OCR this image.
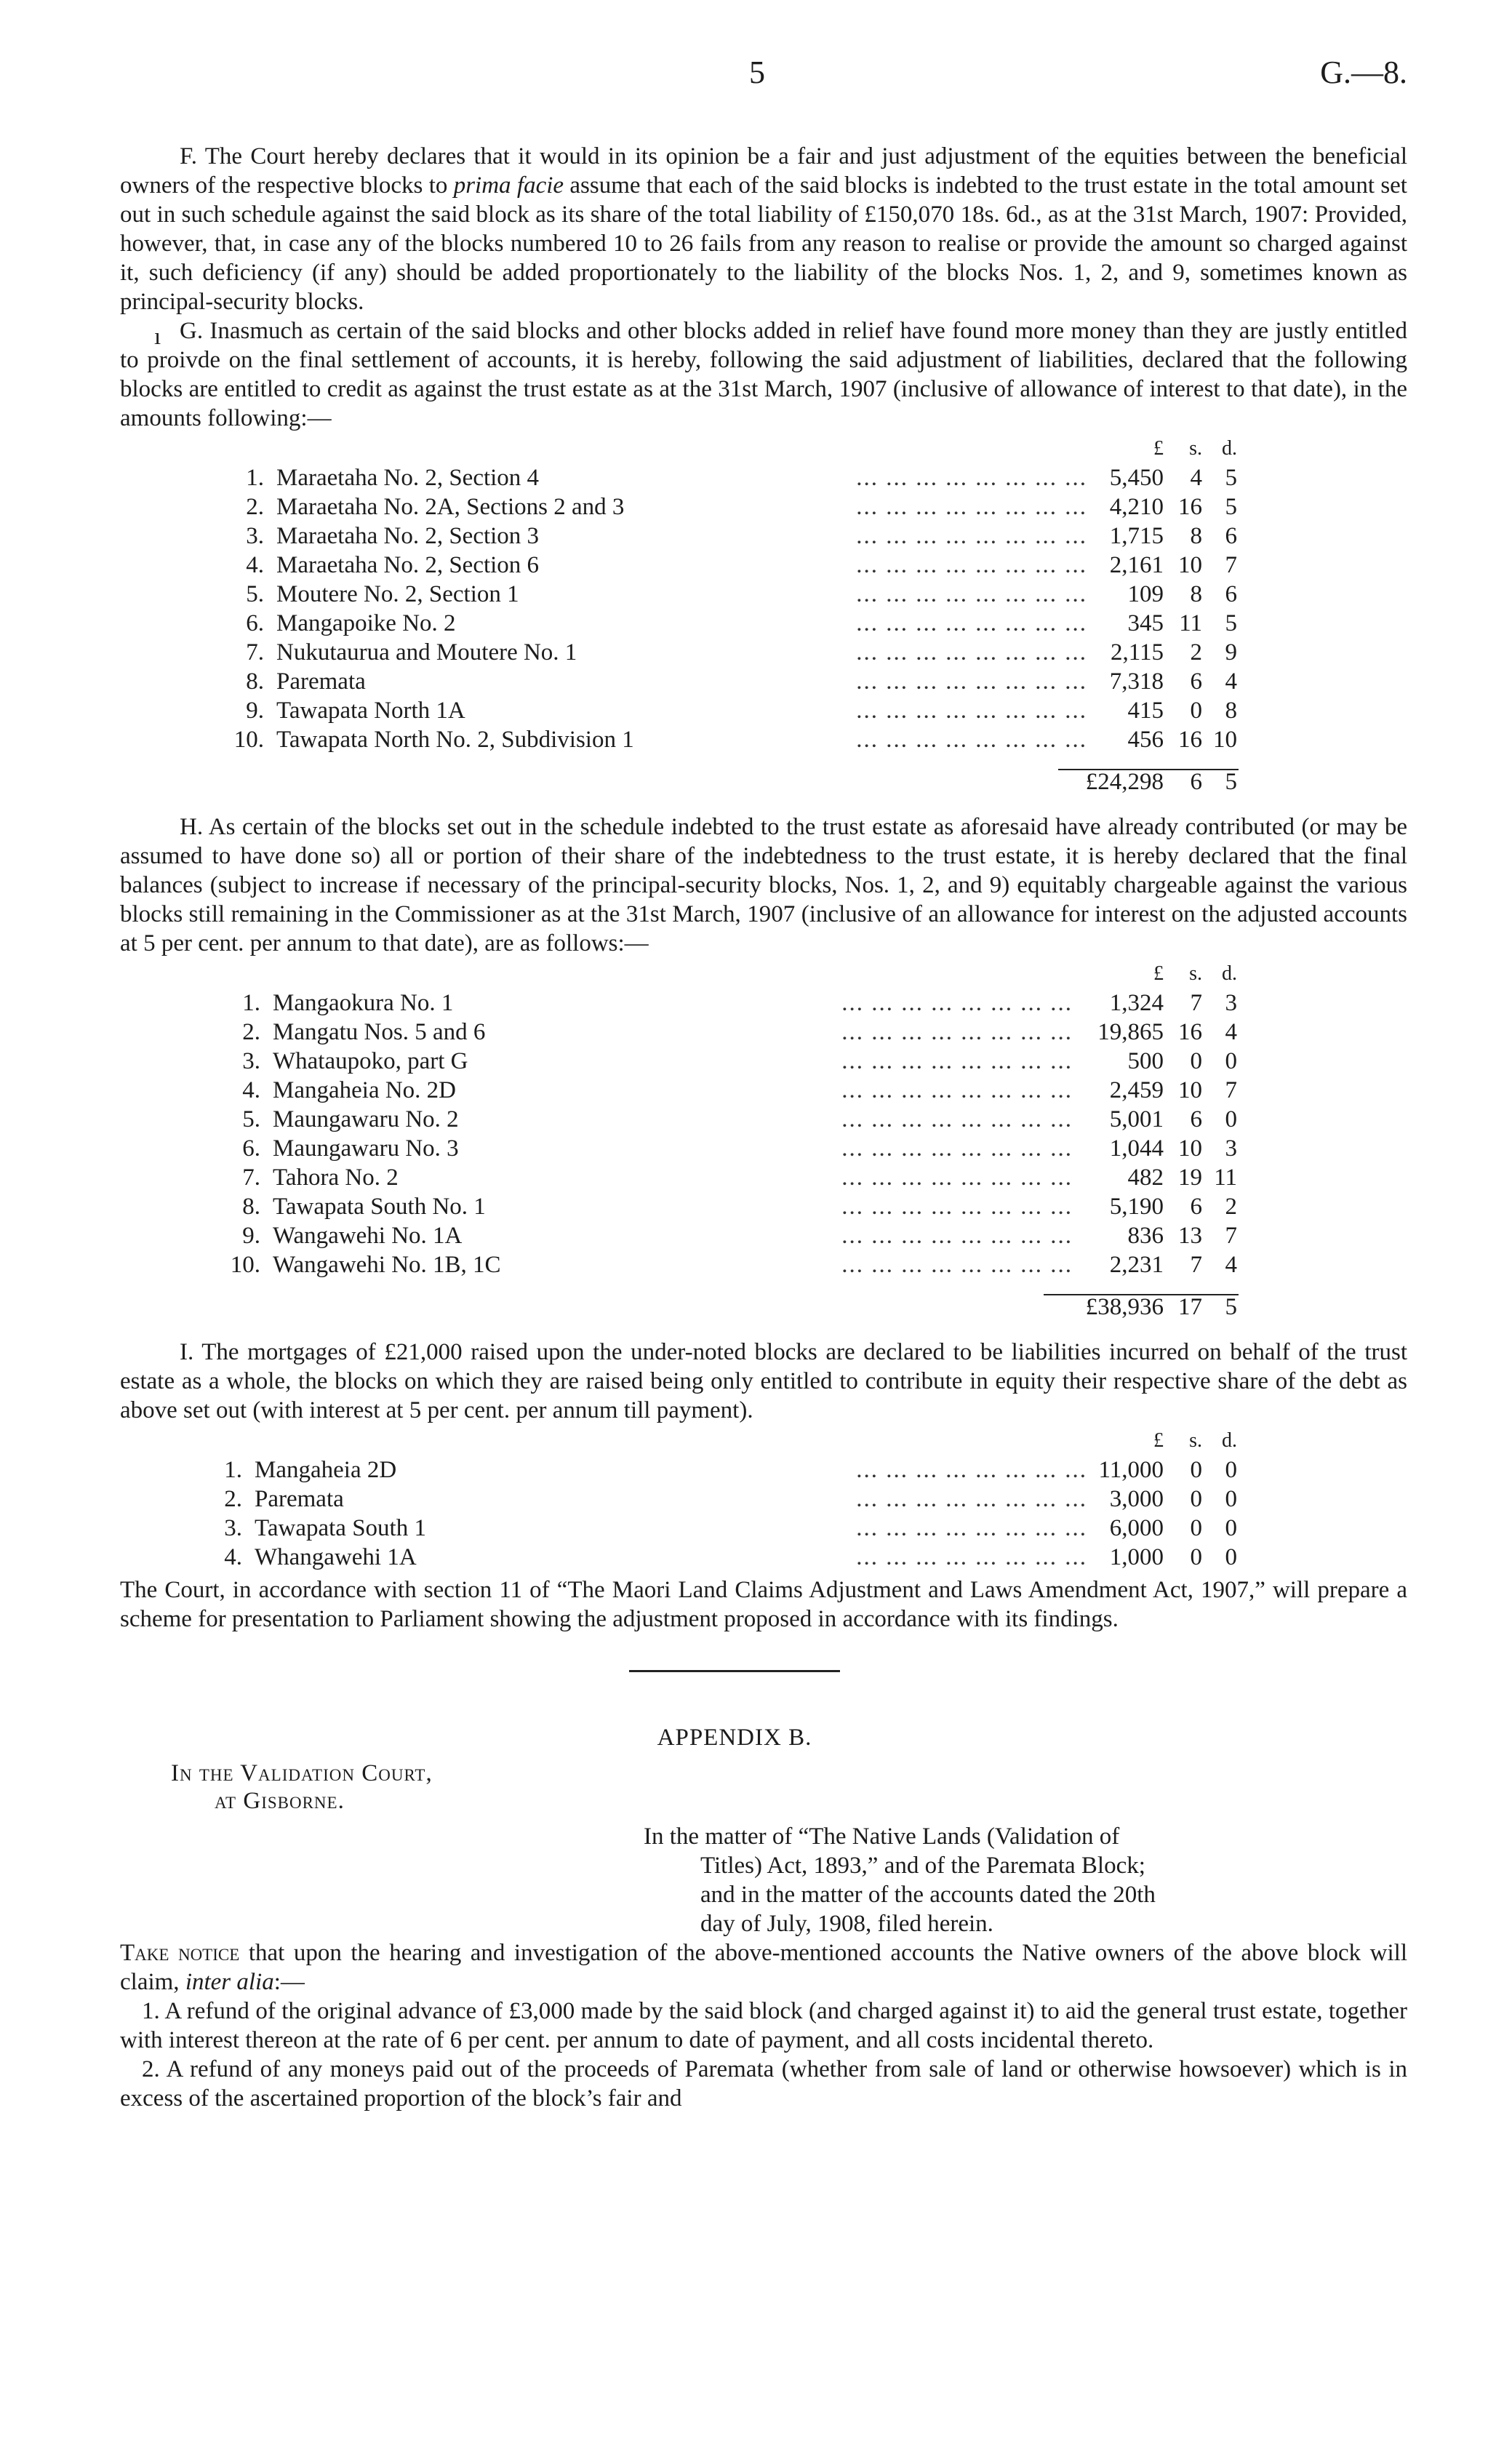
5	G.—8.

ı
F. The Court hereby declares that it would in its opinion be a fair and just adjustment of the equities between the beneficial owners of the respective blocks to prima facie assume that each of the said blocks is indebted to the trust estate in the total amount set out in such schedule against the said block as its share of the total liability of £150,070 18s. 6d., as at the 31st March, 1907: Provided, however, that, in case any of the blocks numbered 10 to 26 fails from any reason to realise or provide the amount so charged against it, such deficiency (if any) should be added proportionately to the liability of the blocks Nos. 1, 2, and 9, sometimes known as principal-security blocks.

G. Inasmuch as certain of the said blocks and other blocks added in relief have found more money than they are justly entitled to proivde on the final settlement of accounts, it is hereby, following the said adjustment of liabilities, declared that the following blocks are entitled to credit as against the trust estate as at the 31st March, 1907 (inclusive of allowance of interest to that date), in the amounts following:—

£	s. d.
1. Maraetaha No. 2, Section 4	... ... ... ... ... ... ... ... 5,450	4 5
2. Maraetaha No. 2A, Sections 2 and 3	... ... ... ... ... ... ... ... 4,210 16 5
3. Maraetaha No. 2, Section 3	... ... ... ... ... ... ... ... 1,715	8 6
4. Maraetaha No. 2, Section 6	... ... ... ... ... ... ... ... 2,161 10 7
5. Moutere No. 2, Section 1	... ... ... ... ... ... ... ...	109	8 6
6. Mangapoike No. 2	... ... ... ... ... ... ... ...	345 11 5
7. Nukutaurua and Moutere No. 1	... ... ... ... ... ... ... ... 2,115	2 9
8. Paremata	... ... ... ... ... ... ... ... 7,318	6 4
9. Tawapata North 1A	... ... ... ... ... ... ... ...	415	0 8
10. Tawapata North No. 2, Subdivision 1	... ... ... ... ... ... ... ...	456 16 10
£24,298	6 5

H. As certain of the blocks set out in the schedule indebted to the trust estate as aforesaid have already contributed (or may be assumed to have done so) all or portion of their share of the indebtedness to the trust estate, it is hereby declared that the final balances (subject to increase if necessary of the principal-security blocks, Nos. 1, 2, and 9) equitably chargeable against the various blocks still remaining in the Commissioner as at the 31st March, 1907 (inclusive of an allowance for interest on the adjusted accounts at 5 per cent. per annum to that date), are as follows:—

£	s. d.
1. Mangaokura No. 1	... ... ... ... ... ... ... ...	1,324	7 3
2. Mangatu Nos. 5 and 6	... ... ... ... ... ... ... ...	19,865 16 4
3. Whataupoko, part G	... ... ... ... ... ... ... ...	500	0 0
4. Mangaheia No. 2D	... ... ... ... ... ... ... ...	2,459 10 7
5. Maungawaru No. 2	... ... ... ... ... ... ... ...	5,001	6 0
6. Maungawaru No. 3	... ... ... ... ... ... ... ...	1,044 10 3
7. Tahora No. 2	... ... ... ... ... ... ... ...	482 19 11
8. Tawapata South No. 1	... ... ... ... ... ... ... ...	5,190	6 2
9. Wangawehi No. 1A	... ... ... ... ... ... ... ...	836 13 7
10. Wangawehi No. 1B, 1C	... ... ... ... ... ... ... ...	2,231	7 4
£38,936 17 5

I. The mortgages of £21,000 raised upon the under-noted blocks are declared to be liabilities incurred on behalf of the trust estate as a whole, the blocks on which they are raised being only entitled to contribute in equity their respective share of the debt as above set out (with interest at 5 per cent. per annum till payment).

£	s. d.
1. Mangaheia 2D	... ... ... ... ... ... ... ... 11,000	0 0
2. Paremata	... ... ... ... ... ... ... ... 3,000	0 0
3. Tawapata South 1	... ... ... ... ... ... ... ... 6,000	0 0
4. Whangawehi 1A	... ... ... ... ... ... ... ... 1,000	0 0

The Court, in accordance with section 11 of “The Maori Land Claims Adjustment and Laws Amendment Act, 1907,” will prepare a scheme for presentation to Parliament showing the adjustment proposed in accordance with its findings.

APPENDIX B.
In the Validation Court,
at Gisborne.
In the matter of “The Native Lands (Validation of
Titles) Act, 1893,” and of the Paremata Block;
and in the matter of the accounts dated the 20th
day of July, 1908, filed herein.

Take notice that upon the hearing and investigation of the above-mentioned accounts the Native owners of the above block will claim, inter alia:—

1. A refund of the original advance of £3,000 made by the said block (and charged against it) to aid the general trust estate, together with interest thereon at the rate of 6 per cent. per annum to date of payment, and all costs incidental thereto.

2. A refund of any moneys paid out of the proceeds of Paremata (whether from sale of land or otherwise howsoever) which is in excess of the ascertained proportion of the block’s fair and
